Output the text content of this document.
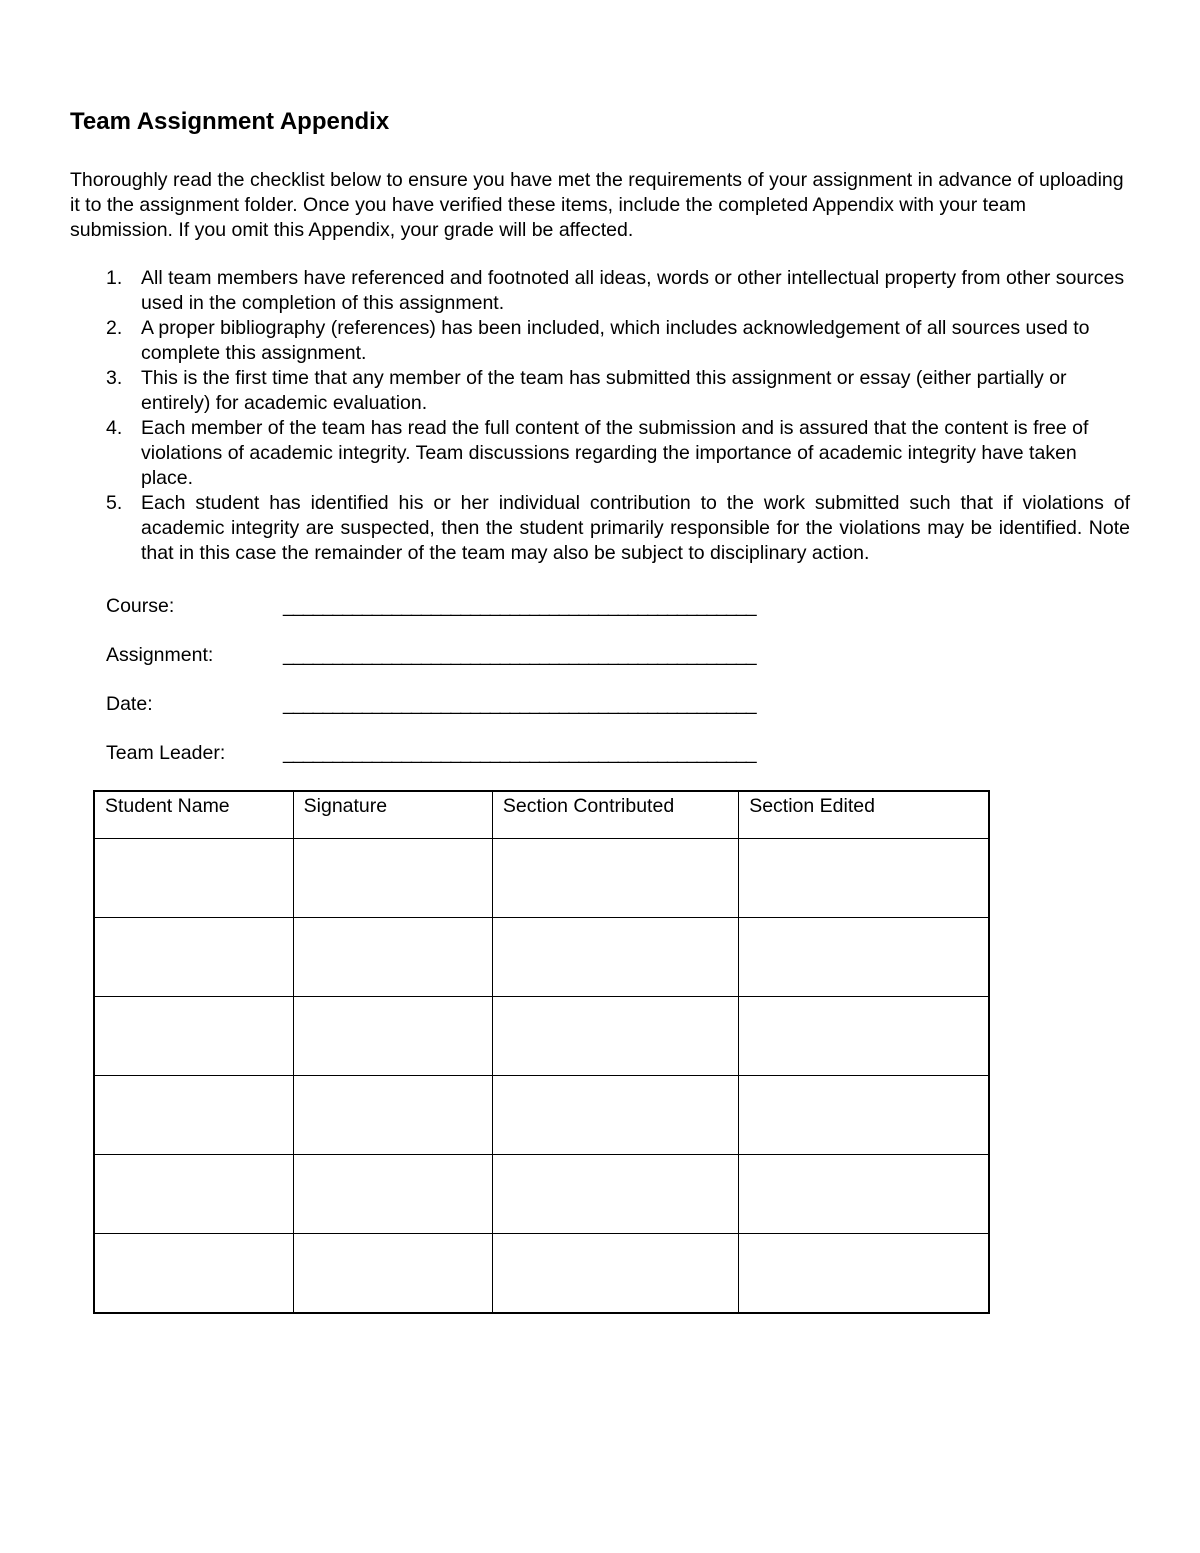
Team Assignment Appendix

Thoroughly read the checklist below to ensure you have met the requirements of your assignment in advance of uploading it to the assignment folder. Once you have verified these items, include the completed Appendix with your team submission. If you omit this Appendix, your grade will be affected.

1. All team members have referenced and footnoted all ideas, words or other intellectual property from other sources used in the completion of this assignment.
2. A proper bibliography (references) has been included, which includes acknowledgement of all sources used to complete this assignment.
3. This is the first time that any member of the team has submitted this assignment or essay (either partially or entirely) for academic evaluation.
4. Each member of the team has read the full content of the submission and is assured that the content is free of violations of academic integrity. Team discussions regarding the importance of academic integrity have taken place.
5. Each student has identified his or her individual contribution to the work submitted such that if violations of academic integrity are suspected, then the student primarily responsible for the violations may be identified. Note that in this case the remainder of the team may also be subject to disciplinary action.
Course:	________________________________________________
Assignment:	________________________________________________
Date:	________________________________________________
Team Leader:	________________________________________________
Student Name	Signature	Section Contributed	Section Edited
